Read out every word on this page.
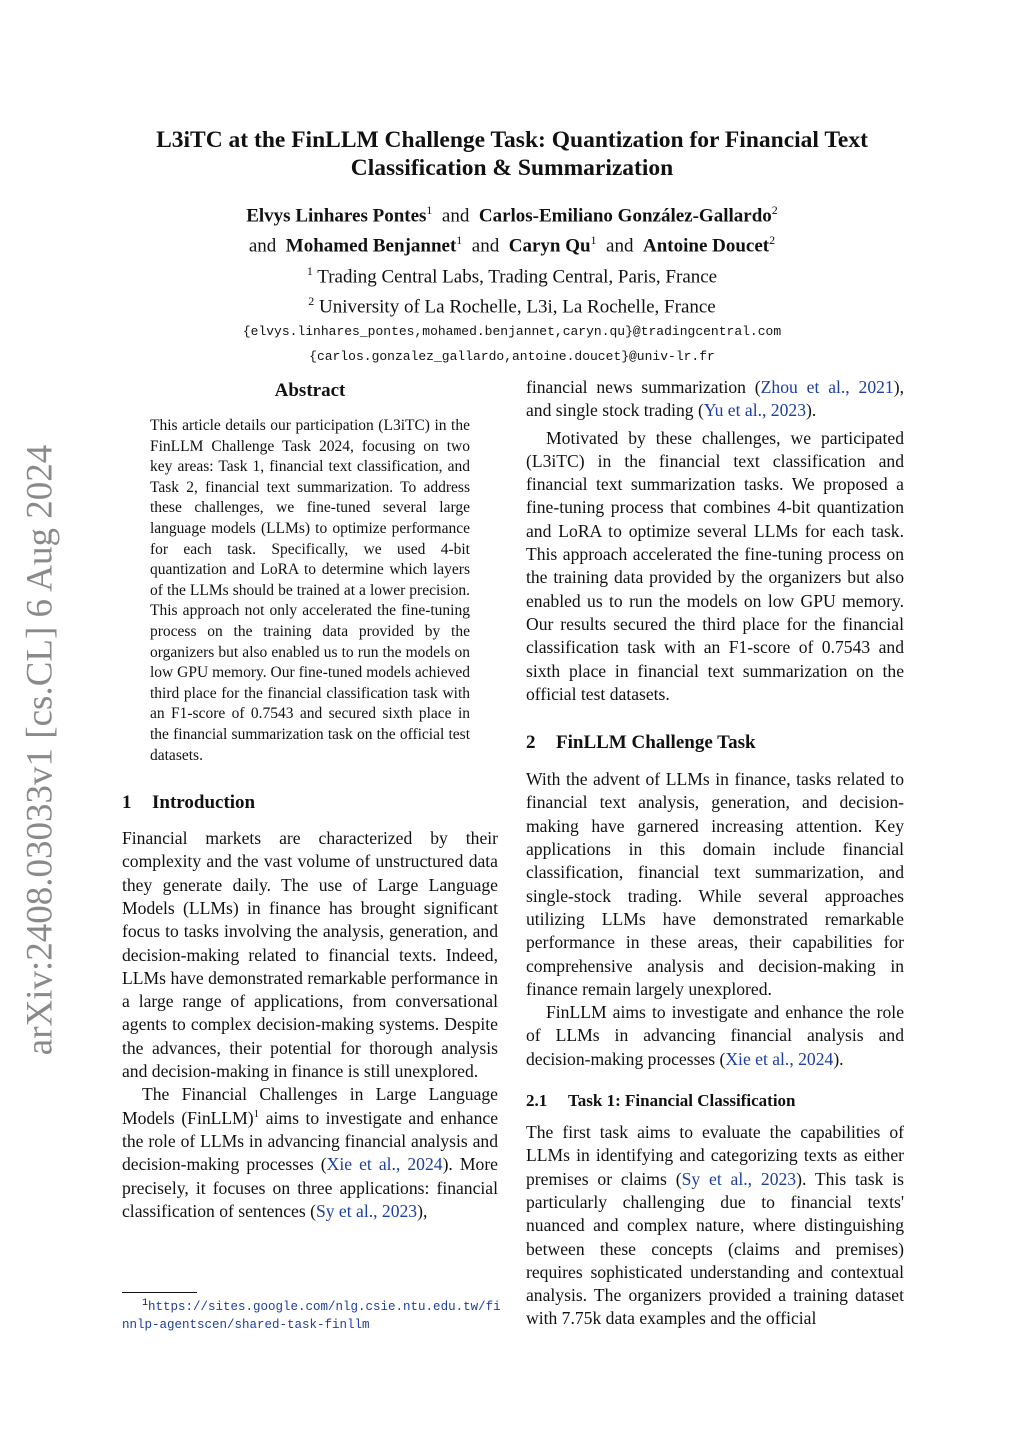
arXiv:2408.03033v1 [cs.CL] 6 Aug 2024
L3iTC at the FinLLM Challenge Task: Quantization for Financial Text Classification & Summarization
Elvys Linhares Pontes$^1$ and Carlos-Emiliano González-Gallardo$^2$
and Mohamed Benjannet$^1$ and Caryn Qu$^1$ and Antoine Doucet$^2$
$^1$ Trading Central Labs, Trading Central, Paris, France
$^2$ University of La Rochelle, L3i, La Rochelle, France
{elvys.linhares_pontes,mohamed.benjannet,caryn.qu}@tradingcentral.com
{carlos.gonzalez_gallardo,antoine.doucet}@univ-lr.fr
Abstract

This article details our participation (L3iTC) in the FinLLM Challenge Task 2024, focusing on two key areas: Task 1, financial text classification, and Task 2, financial text summarization. To address these challenges, we fine-tuned several large language models (LLMs) to optimize performance for each task. Specifically, we used 4-bit quantization and LoRA to determine which layers of the LLMs should be trained at a lower precision. This approach not only accelerated the fine-tuning process on the training data provided by the organizers but also enabled us to run the models on low GPU memory. Our fine-tuned models achieved third place for the financial classification task with an F1-score of 0.7543 and secured sixth place in the financial summarization task on the official test datasets.

1 Introduction

Financial markets are characterized by their complexity and the vast volume of unstructured data they generate daily. The use of Large Language Models (LLMs) in finance has brought significant focus to tasks involving the analysis, generation, and decision-making related to financial texts. Indeed, LLMs have demonstrated remarkable performance in a large range of applications, from conversational agents to complex decision-making systems. Despite the advances, their potential for thorough analysis and decision-making in finance is still unexplored.

The Financial Challenges in Large Language Models (FinLLM)$^1$ aims to investigate and enhance the role of LLMs in advancing financial analysis and decision-making processes (Xie et al., 2024). More precisely, it focuses on three applications: financial classification of sentences (Sy et al., 2023),

financial news summarization (Zhou et al., 2021), and single stock trading (Yu et al., 2023).

Motivated by these challenges, we participated (L3iTC) in the financial text classification and financial text summarization tasks. We proposed a fine-tuning process that combines 4-bit quantization and LoRA to optimize several LLMs for each task. This approach accelerated the fine-tuning process on the training data provided by the organizers but also enabled us to run the models on low GPU memory. Our results secured the third place for the financial classification task with an F1-score of 0.7543 and sixth place in financial text summarization on the official test datasets.

2 FinLLM Challenge Task

With the advent of LLMs in finance, tasks related to financial text analysis, generation, and decision-making have garnered increasing attention. Key applications in this domain include financial classification, financial text summarization, and single-stock trading. While several approaches utilizing LLMs have demonstrated remarkable performance in these areas, their capabilities for comprehensive analysis and decision-making in finance remain largely unexplored.

FinLLM aims to investigate and enhance the role of LLMs in advancing financial analysis and decision-making processes (Xie et al., 2024).

2.1 Task 1: Financial Classification

The first task aims to evaluate the capabilities of LLMs in identifying and categorizing texts as either premises or claims (Sy et al., 2023). This task is particularly challenging due to financial texts' nuanced and complex nature, where distinguishing between these concepts (claims and premises) requires sophisticated understanding and contextual analysis. The organizers provided a training dataset with 7.75k data examples and the official

$^1$https://sites.google.com/nlg.csie.ntu.edu.tw/finnlp-agentscen/shared-task-finllm
